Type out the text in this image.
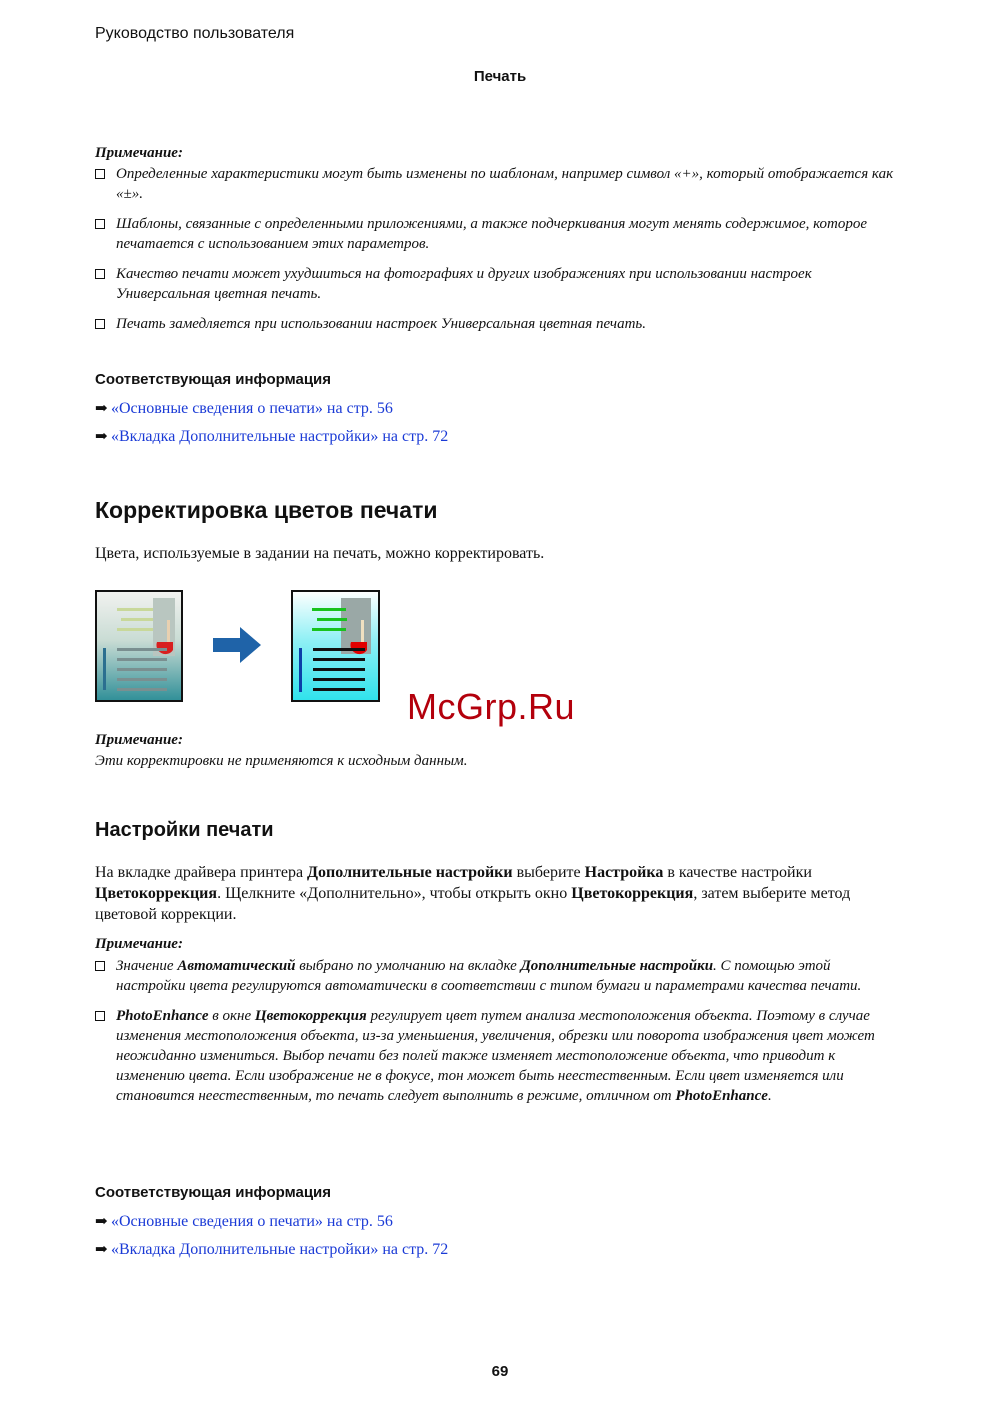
Руководство пользователя
Печать
Примечание:
Определенные характеристики могут быть изменены по шаблонам, например символ «+», который отображается как «±».
Шаблоны, связанные с определенными приложениями, а также подчеркивания могут менять содержимое, которое печатается с использованием этих параметров.
Качество печати может ухудшиться на фотографиях и других изображениях при использовании настроек Универсальная цветная печать.
Печать замедляется при использовании настроек Универсальная цветная печать.
Соответствующая информация
➡ «Основные сведения о печати» на стр. 56
➡ «Вкладка Дополнительные настройки» на стр. 72
Корректировка цветов печати
Цвета, используемые в задании на печать, можно корректировать.
McGrp.Ru
Примечание:
Эти корректировки не применяются к исходным данным.
Настройки печати
На вкладке драйвера принтера Дополнительные настройки выберите Настройка в качестве настройки Цветокоррекция. Щелкните «Дополнительно», чтобы открыть окно Цветокоррекция, затем выберите метод цветовой коррекции.
Примечание:
Значение Автоматический выбрано по умолчанию на вкладке Дополнительные настройки. С помощью этой настройки цвета регулируются автоматически в соответствии с типом бумаги и параметрами качества печати.
PhotoEnhance в окне Цветокоррекция регулирует цвет путем анализа местоположения объекта. Поэтому в случае изменения местоположения объекта, из-за уменьшения, увеличения, обрезки или поворота изображения цвет может неожиданно измениться. Выбор печати без полей также изменяет местоположение объекта, что приводит к изменению цвета. Если изображение не в фокусе, тон может быть неестественным. Если цвет изменяется или становится неестественным, то печать следует выполнить в режиме, отличном от PhotoEnhance.
Соответствующая информация
➡ «Основные сведения о печати» на стр. 56
➡ «Вкладка Дополнительные настройки» на стр. 72
69
